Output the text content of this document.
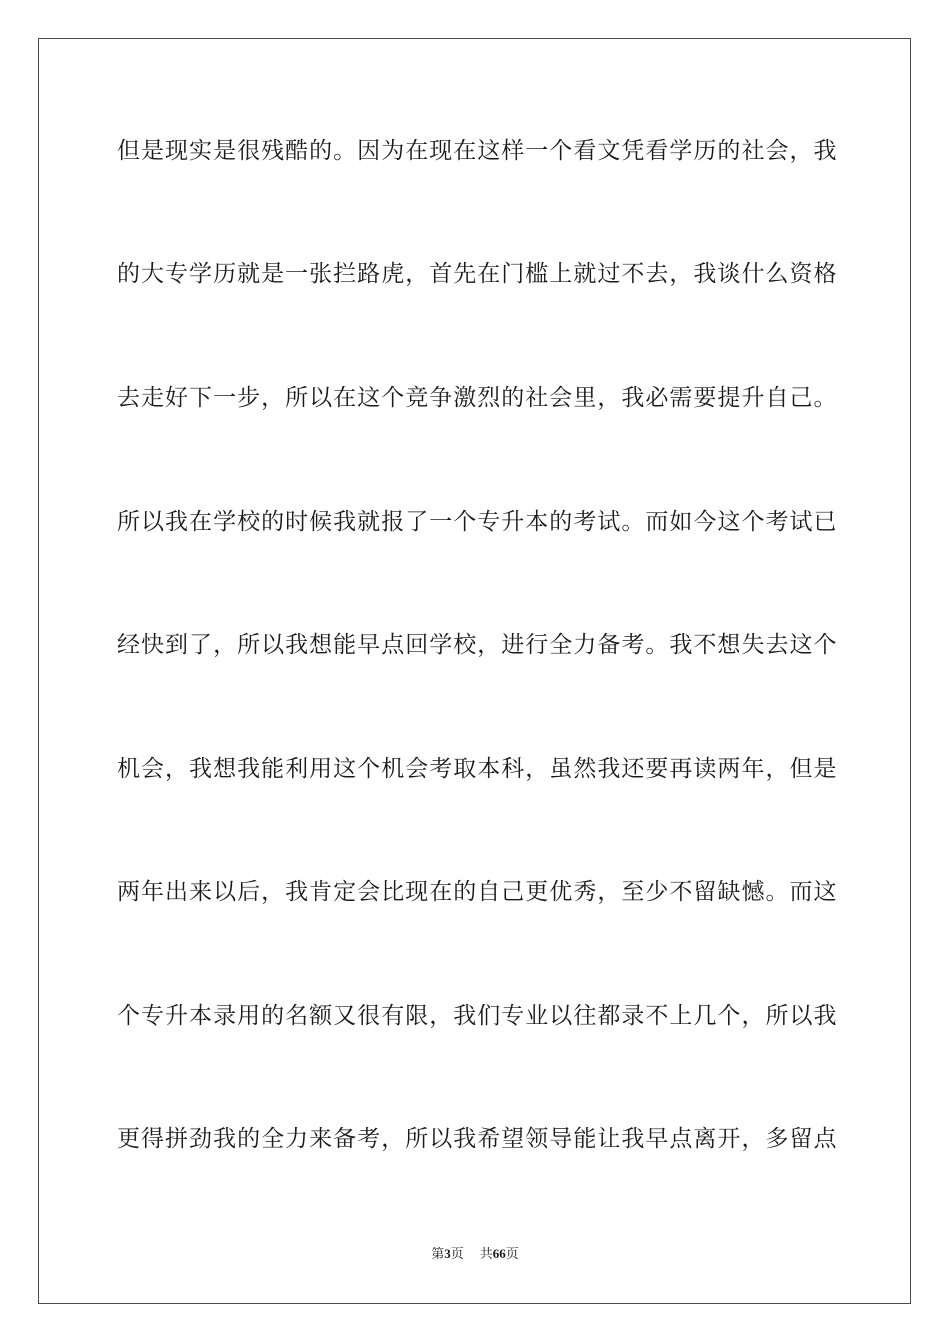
但是现实是很残酷的。因为在现在这样一个看文凭看学历的社会，我
的大专学历就是一张拦路虎，首先在门槛上就过不去，我谈什么资格
去走好下一步，所以在这个竞争激烈的社会里，我必需要提升自己。
所以我在学校的时候我就报了一个专升本的考试。而如今这个考试已
经快到了，所以我想能早点回学校，进行全力备考。我不想失去这个
机会，我想我能利用这个机会考取本科，虽然我还要再读两年，但是
两年出来以后，我肯定会比现在的自己更优秀，至少不留缺憾。而这
个专升本录用的名额又很有限，我们专业以往都录不上几个，所以我
更得拼劲我的全力来备考，所以我希望领导能让我早点离开，多留点
第3页 共66页
